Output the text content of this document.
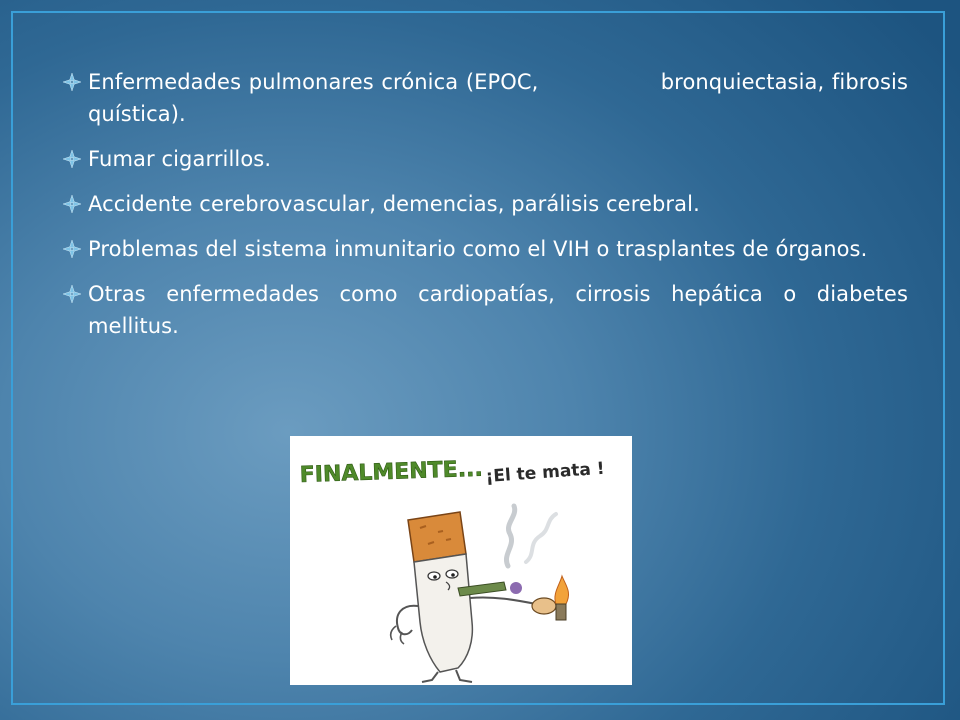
Enfermedades pulmonares crónica (EPOC,                bronquiectasia, fibrosis quística).
Fumar cigarrillos.
Accidente cerebrovascular, demencias, parálisis cerebral.
Problemas del sistema inmunitario como el VIH o trasplantes de órganos.
Otras enfermedades como cardiopatías, cirrosis hepática o diabetes mellitus.
FINALMENTE... ¡El te mata !
